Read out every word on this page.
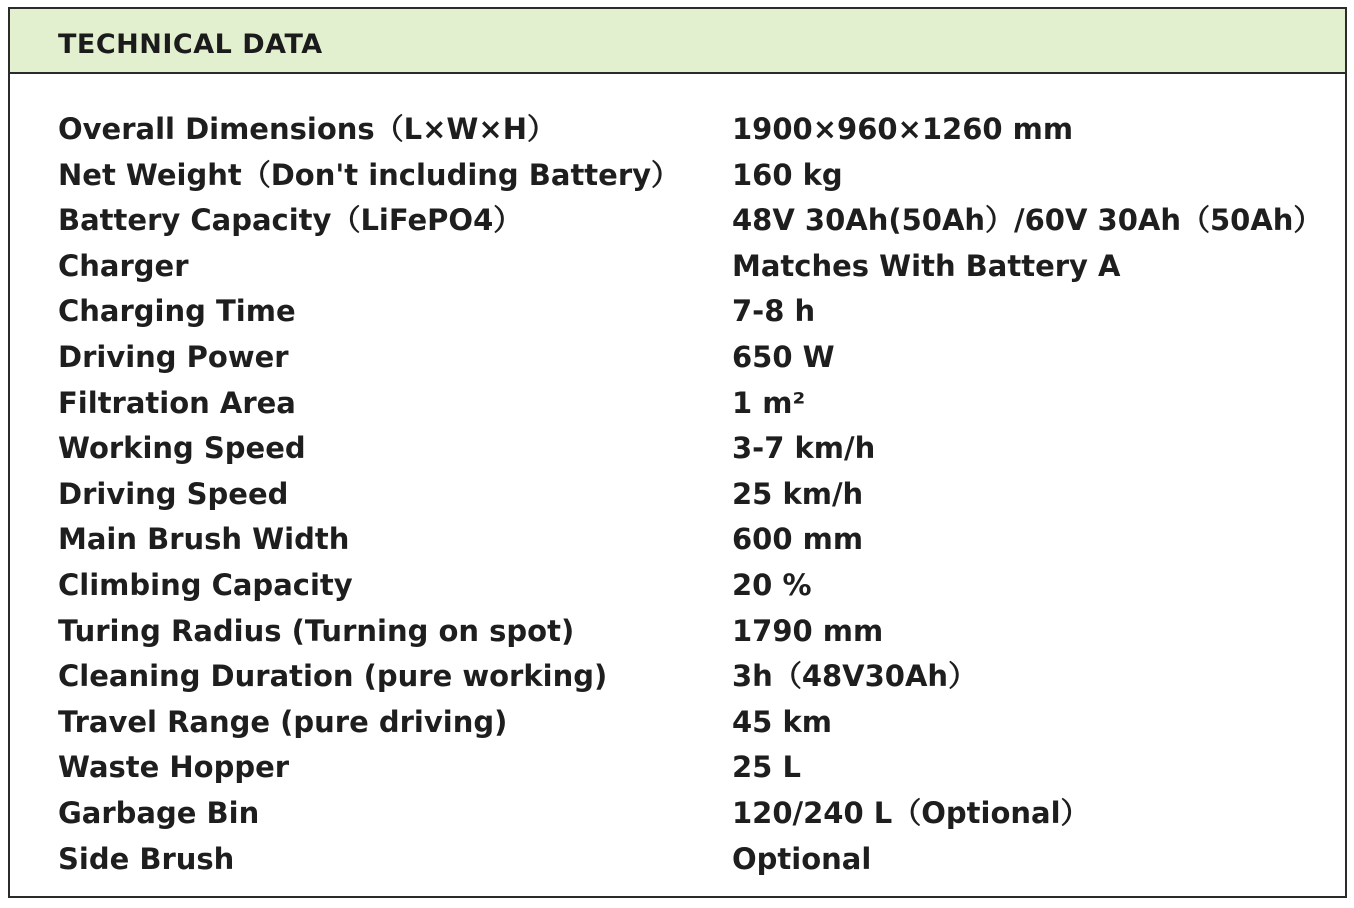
TECHNICAL DATA
Overall Dimensions（L×W×H）	1900×960×1260 mm
Net Weight（Don't including Battery）	160 kg
Battery Capacity（LiFePO4）	48V 30Ah(50Ah）/60V 30Ah（50Ah）
Charger	Matches With Battery A
Charging Time	7-8 h
Driving Power	650 W
Filtration Area	1 m²
Working Speed	3-7 km/h
Driving Speed	25 km/h
Main Brush Width	600 mm
Climbing Capacity	20 %
Turing Radius (Turning on spot)	1790 mm
Cleaning Duration (pure working)	3h（48V30Ah）
Travel Range (pure driving)	45 km
Waste Hopper	25 L
Garbage Bin	120/240 L（Optional）
Side Brush	Optional
